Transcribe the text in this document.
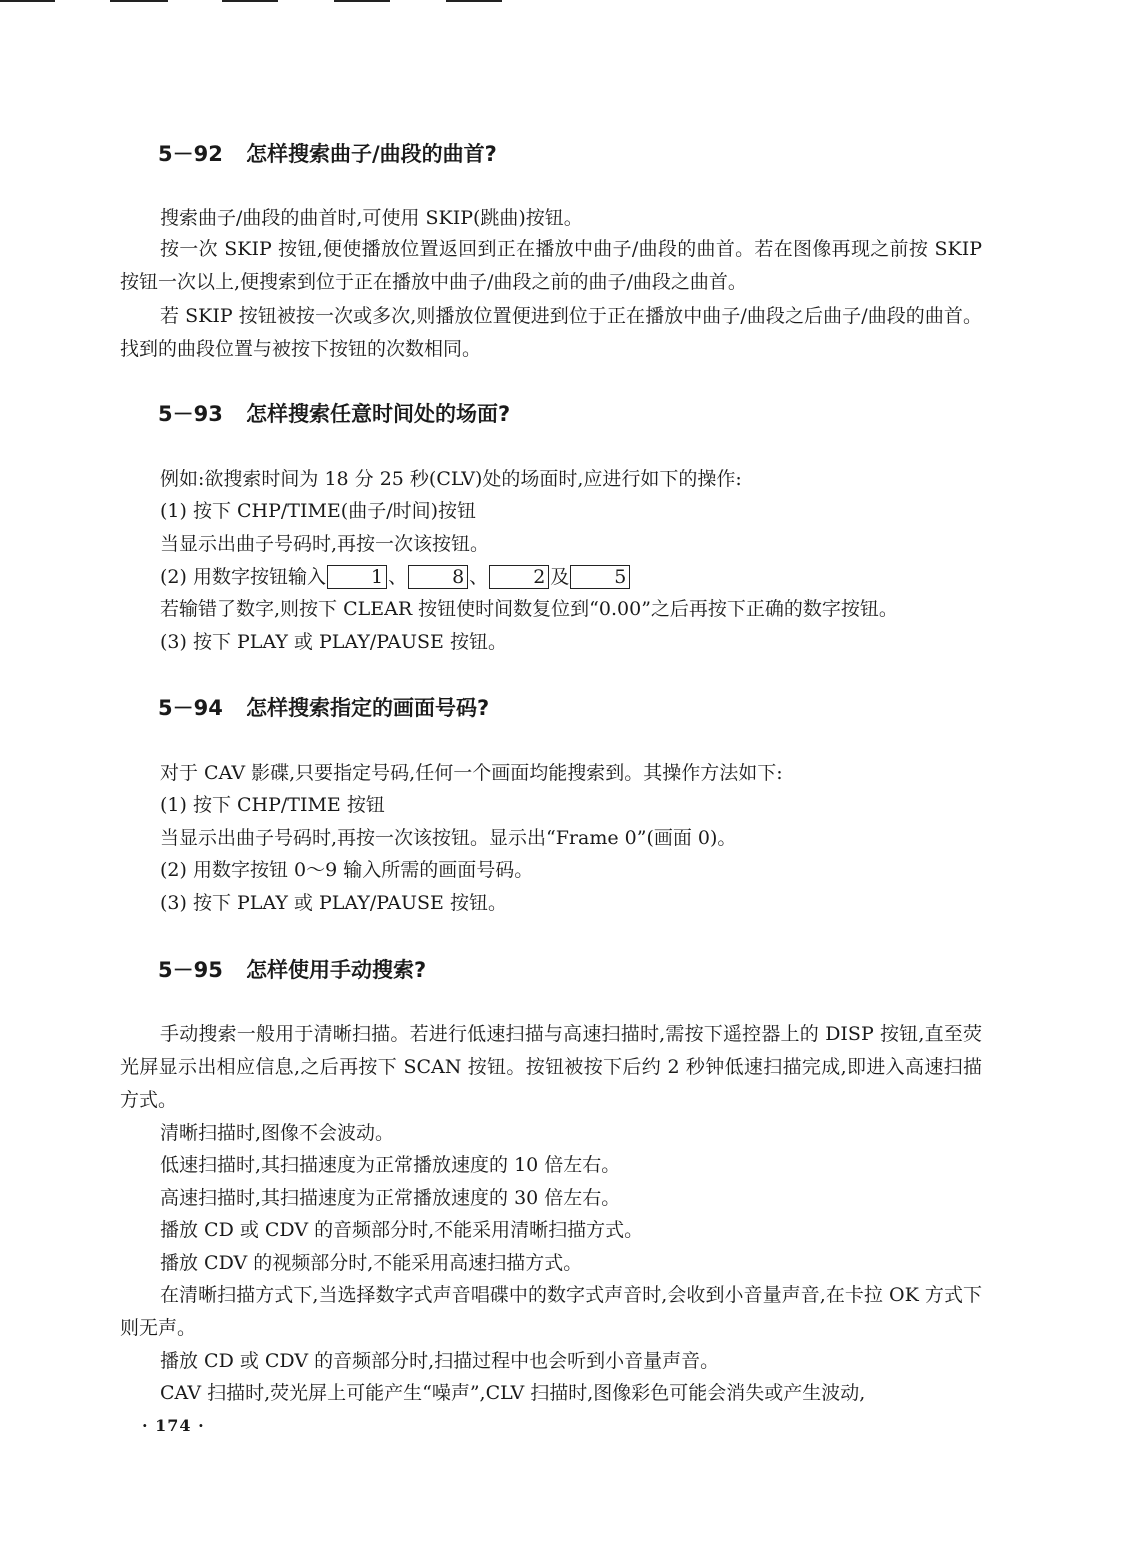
5－92 怎样搜索曲子/曲段的曲首?

搜索曲子/曲段的曲首时,可使用 SKIP(跳曲)按钮。

按一次 SKIP 按钮,便使播放位置返回到正在播放中曲子/曲段的曲首。若在图像再现之前按 SKIP 按钮一次以上,便搜索到位于正在播放中曲子/曲段之前的曲子/曲段之曲首。

若 SKIP 按钮被按一次或多次,则播放位置便进到位于正在播放中曲子/曲段之后曲子/曲段的曲首。找到的曲段位置与被按下按钮的次数相同。

5－93 怎样搜索任意时间处的场面?

例如:欲搜索时间为 18 分 25 秒(CLV)处的场面时,应进行如下的操作:

(1) 按下 CHP/TIME(曲子/时间)按钮

当显示出曲子号码时,再按一次该按钮。

(2) 用数字按钮输入 1 、 8 、 2 及 5

若输错了数字,则按下 CLEAR 按钮使时间数复位到“0.00”之后再按下正确的数字按钮。

(3) 按下 PLAY 或 PLAY/PAUSE 按钮。

5－94 怎样搜索指定的画面号码?

对于 CAV 影碟,只要指定号码,任何一个画面均能搜索到。其操作方法如下:

(1) 按下 CHP/TIME 按钮

当显示出曲子号码时,再按一次该按钮。显示出“Frame 0”(画面 0)。

(2) 用数字按钮 0～9 输入所需的画面号码。

(3) 按下 PLAY 或 PLAY/PAUSE 按钮。

5－95 怎样使用手动搜索?

手动搜索一般用于清晰扫描。若进行低速扫描与高速扫描时,需按下遥控器上的 DISP 按钮,直至荧光屏显示出相应信息,之后再按下 SCAN 按钮。按钮被按下后约 2 秒钟低速扫描完成,即进入高速扫描方式。

清晰扫描时,图像不会波动。

低速扫描时,其扫描速度为正常播放速度的 10 倍左右。

高速扫描时,其扫描速度为正常播放速度的 30 倍左右。

播放 CD 或 CDV 的音频部分时,不能采用清晰扫描方式。

播放 CDV 的视频部分时,不能采用高速扫描方式。

在清晰扫描方式下,当选择数字式声音唱碟中的数字式声音时,会收到小音量声音,在卡拉 OK 方式下则无声。

播放 CD 或 CDV 的音频部分时,扫描过程中也会听到小音量声音。

CAV 扫描时,荧光屏上可能产生“噪声”,CLV 扫描时,图像彩色可能会消失或产生波动,

· 174 ·
